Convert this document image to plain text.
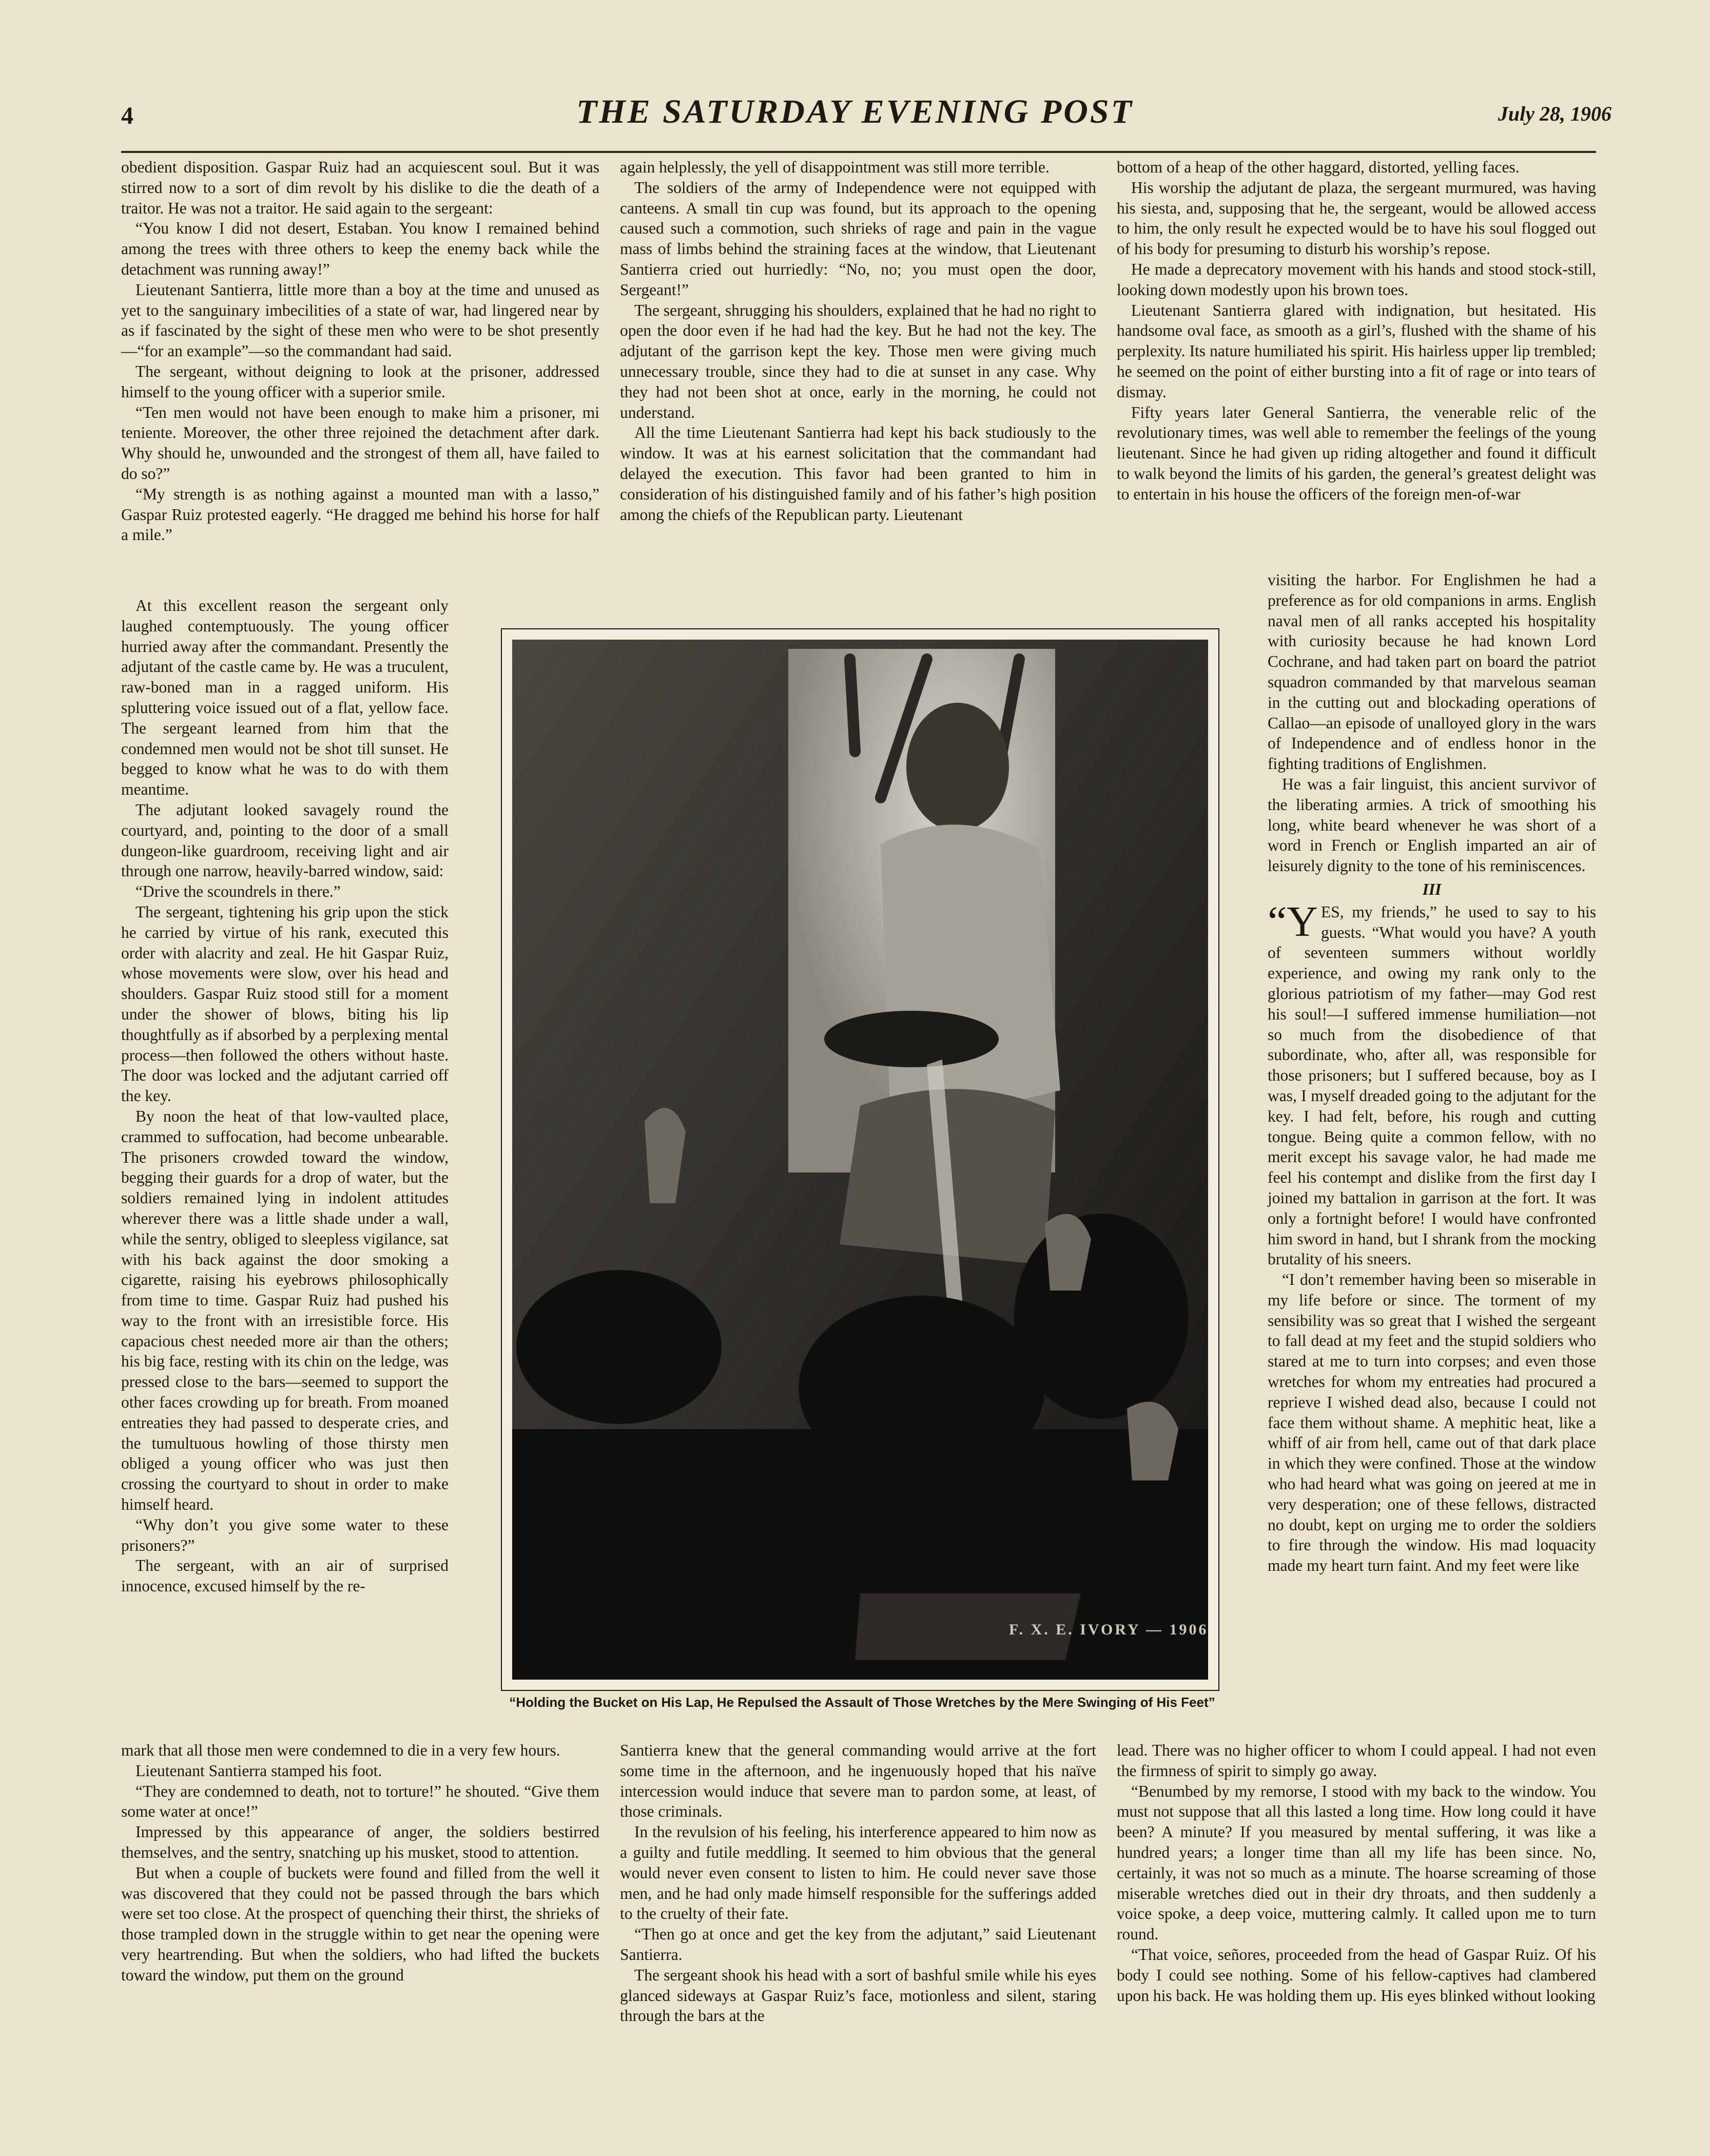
4	THE SATURDAY EVENING POST	July 28, 1906

obedient disposition. Gaspar Ruiz had an acquiescent soul. But it was stirred now to a sort of dim revolt by his dislike to die the death of a traitor. He was not a traitor. He said again to the sergeant:

“You know I did not desert, Estaban. You know I remained behind among the trees with three others to keep the enemy back while the detachment was running away!”

Lieutenant Santierra, little more than a boy at the time and unused as yet to the sanguinary imbecilities of a state of war, had lingered near by as if fascinated by the sight of these men who were to be shot presently—“for an example”—so the commandant had said.

The sergeant, without deigning to look at the prisoner, addressed himself to the young officer with a superior smile.

“Ten men would not have been enough to make him a prisoner, mi teniente. Moreover, the other three rejoined the detachment after dark. Why should he, unwounded and the strongest of them all, have failed to do so?”

“My strength is as nothing against a mounted man with a lasso,” Gaspar Ruiz protested eagerly. “He dragged me behind his horse for half a mile.”

At this excellent reason the sergeant only laughed contemptuously. The young officer hurried away after the commandant. Presently the adjutant of the castle came by. He was a truculent, raw-boned man in a ragged uniform. His spluttering voice issued out of a flat, yellow face. The sergeant learned from him that the condemned men would not be shot till sunset. He begged to know what he was to do with them meantime.

The adjutant looked savagely round the courtyard, and, pointing to the door of a small dungeon-like guardroom, receiving light and air through one narrow, heavily-barred window, said:

“Drive the scoundrels in there.”

The sergeant, tightening his grip upon the stick he carried by virtue of his rank, executed this order with alacrity and zeal. He hit Gaspar Ruiz, whose movements were slow, over his head and shoulders. Gaspar Ruiz stood still for a moment under the shower of blows, biting his lip thoughtfully as if absorbed by a perplexing mental process—then followed the others without haste. The door was locked and the adjutant carried off the key.

By noon the heat of that low-vaulted place, crammed to suffocation, had become unbearable. The prisoners crowded toward the window, begging their guards for a drop of water, but the soldiers remained lying in indolent attitudes wherever there was a little shade under a wall, while the sentry, obliged to sleepless vigilance, sat with his back against the door smoking a cigarette, raising his eyebrows philosophically from time to time. Gaspar Ruiz had pushed his way to the front with an irresistible force. His capacious chest needed more air than the others; his big face, resting with its chin on the ledge, was pressed close to the bars—seemed to support the other faces crowding up for breath. From moaned entreaties they had passed to desperate cries, and the tumultuous howling of those thirsty men obliged a young officer who was just then crossing the courtyard to shout in order to make himself heard.

“Why don’t you give some water to these prisoners?”

The sergeant, with an air of surprised innocence, excused himself by the re-

mark that all those men were condemned to die in a very few hours.

Lieutenant Santierra stamped his foot.

“They are condemned to death, not to torture!” he shouted. “Give them some water at once!”

Impressed by this appearance of anger, the soldiers bestirred themselves, and the sentry, snatching up his musket, stood to attention.

But when a couple of buckets were found and filled from the well it was discovered that they could not be passed through the bars which were set too close. At the prospect of quenching their thirst, the shrieks of those trampled down in the struggle within to get near the opening were very heartrending. But when the soldiers, who had lifted the buckets toward the window, put them on the ground

again helplessly, the yell of disappointment was still more terrible.

The soldiers of the army of Independence were not equipped with canteens. A small tin cup was found, but its approach to the opening caused such a commotion, such shrieks of rage and pain in the vague mass of limbs behind the straining faces at the window, that Lieutenant Santierra cried out hurriedly: “No, no; you must open the door, Sergeant!”

The sergeant, shrugging his shoulders, explained that he had no right to open the door even if he had had the key. But he had not the key. The adjutant of the garrison kept the key. Those men were giving much unnecessary trouble, since they had to die at sunset in any case. Why they had not been shot at once, early in the morning, he could not understand.

All the time Lieutenant Santierra had kept his back studiously to the window. It was at his earnest solicitation that the commandant had delayed the execution. This favor had been granted to him in consideration of his distinguished family and of his father’s high position among the chiefs of the Republican party. Lieutenant

Santierra knew that the general commanding would arrive at the fort some time in the afternoon, and he ingenuously hoped that his naïve intercession would induce that severe man to pardon some, at least, of those criminals.

In the revulsion of his feeling, his interference appeared to him now as a guilty and futile meddling. It seemed to him obvious that the general would never even consent to listen to him. He could never save those men, and he had only made himself responsible for the sufferings added to the cruelty of their fate.

“Then go at once and get the key from the adjutant,” said Lieutenant Santierra.

The sergeant shook his head with a sort of bashful smile while his eyes glanced sideways at Gaspar Ruiz’s face, motionless and silent, staring through the bars at the

bottom of a heap of the other haggard, distorted, yelling faces.

His worship the adjutant de plaza, the sergeant murmured, was having his siesta, and, supposing that he, the sergeant, would be allowed access to him, the only result he expected would be to have his soul flogged out of his body for presuming to disturb his worship’s repose.

He made a deprecatory movement with his hands and stood stock-still, looking down modestly upon his brown toes.

Lieutenant Santierra glared with indignation, but hesitated. His handsome oval face, as smooth as a girl’s, flushed with the shame of his perplexity. Its nature humiliated his spirit. His hairless upper lip trembled; he seemed on the point of either bursting into a fit of rage or into tears of dismay.

Fifty years later General Santierra, the venerable relic of the revolutionary times, was well able to remember the feelings of the young lieutenant. Since he had given up riding altogether and found it difficult to walk beyond the limits of his garden, the general’s greatest delight was to entertain in his house the officers of the foreign men-of-war

visiting the harbor. For Englishmen he had a preference as for old companions in arms. English naval men of all ranks accepted his hospitality with curiosity because he had known Lord Cochrane, and had taken part on board the patriot squadron commanded by that marvelous seaman in the cutting out and blockading operations of Callao—an episode of unalloyed glory in the wars of Independence and of endless honor in the fighting traditions of Englishmen.

He was a fair linguist, this ancient survivor of the liberating armies. A trick of smoothing his long, white beard whenever he was short of a word in French or English imparted an air of leisurely dignity to the tone of his reminiscences.

III

“YES, my friends,” he used to say to his guests. “What would you have? A youth of seventeen summers without worldly experience, and owing my rank only to the glorious patriotism of my father—may God rest his soul!—I suffered immense humiliation—not so much from the disobedience of that subordinate, who, after all, was responsible for those prisoners; but I suffered because, boy as I was, I myself dreaded going to the adjutant for the key. I had felt, before, his rough and cutting tongue. Being quite a common fellow, with no merit except his savage valor, he had made me feel his contempt and dislike from the first day I joined my battalion in garrison at the fort. It was only a fortnight before! I would have confronted him sword in hand, but I shrank from the mocking brutality of his sneers.

“I don’t remember having been so miserable in my life before or since. The torment of my sensibility was so great that I wished the sergeant to fall dead at my feet and the stupid soldiers who stared at me to turn into corpses; and even those wretches for whom my entreaties had procured a reprieve I wished dead also, because I could not face them without shame. A mephitic heat, like a whiff of air from hell, came out of that dark place in which they were confined. Those at the window who had heard what was going on jeered at me in very desperation; one of these fellows, distracted no doubt, kept on urging me to order the soldiers to fire through the window. His mad loquacity made my heart turn faint. And my feet were like

lead. There was no higher officer to whom I could appeal. I had not even the firmness of spirit to simply go away.

“Benumbed by my remorse, I stood with my back to the window. You must not suppose that all this lasted a long time. How long could it have been? A minute? If you measured by mental suffering, it was like a hundred years; a longer time than all my life has been since. No, certainly, it was not so much as a minute. The hoarse screaming of those miserable wretches died out in their dry throats, and then suddenly a voice spoke, a deep voice, muttering calmly. It called upon me to turn round.

“That voice, señores, proceeded from the head of Gaspar Ruiz. Of his body I could see nothing. Some of his fellow-captives had clambered upon his back. He was holding them up. His eyes blinked without looking

F. X. E. IVORY — 1906
“Holding the Bucket on His Lap, He Repulsed the Assault of Those Wretches by the Mere Swinging of His Feet”
